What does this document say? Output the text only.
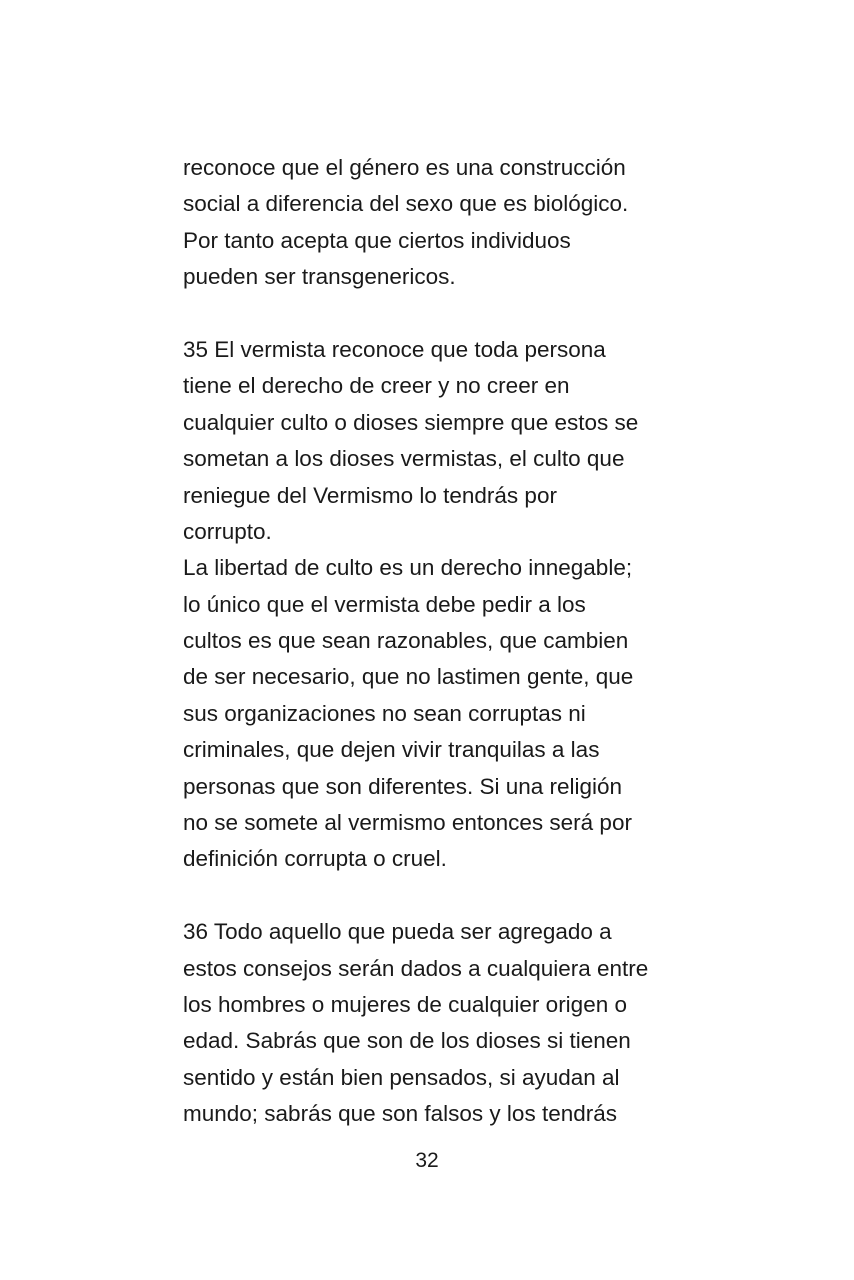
reconoce que el género es una construcción
social a diferencia del sexo que es biológico.
Por tanto acepta que ciertos individuos
pueden ser transgenericos.
35 El vermista reconoce que toda persona
tiene el derecho de creer y no creer en
cualquier culto o dioses siempre que estos se
sometan a los dioses vermistas, el culto que
reniegue del Vermismo lo tendrás por
corrupto.
La libertad de culto es un derecho innegable;
lo único que el vermista debe pedir a los
cultos es que sean razonables, que cambien
de ser necesario, que no lastimen gente, que
sus organizaciones no sean corruptas ni
criminales, que dejen vivir tranquilas a las
personas que son diferentes. Si una religión
no se somete al vermismo entonces será por
definición corrupta o cruel.
36 Todo aquello que pueda ser agregado a
estos consejos serán dados a cualquiera entre
los hombres o mujeres de cualquier origen o
edad. Sabrás que son de los dioses si tienen
sentido y están bien pensados, si ayudan al
mundo; sabrás que son falsos y los tendrás
32
